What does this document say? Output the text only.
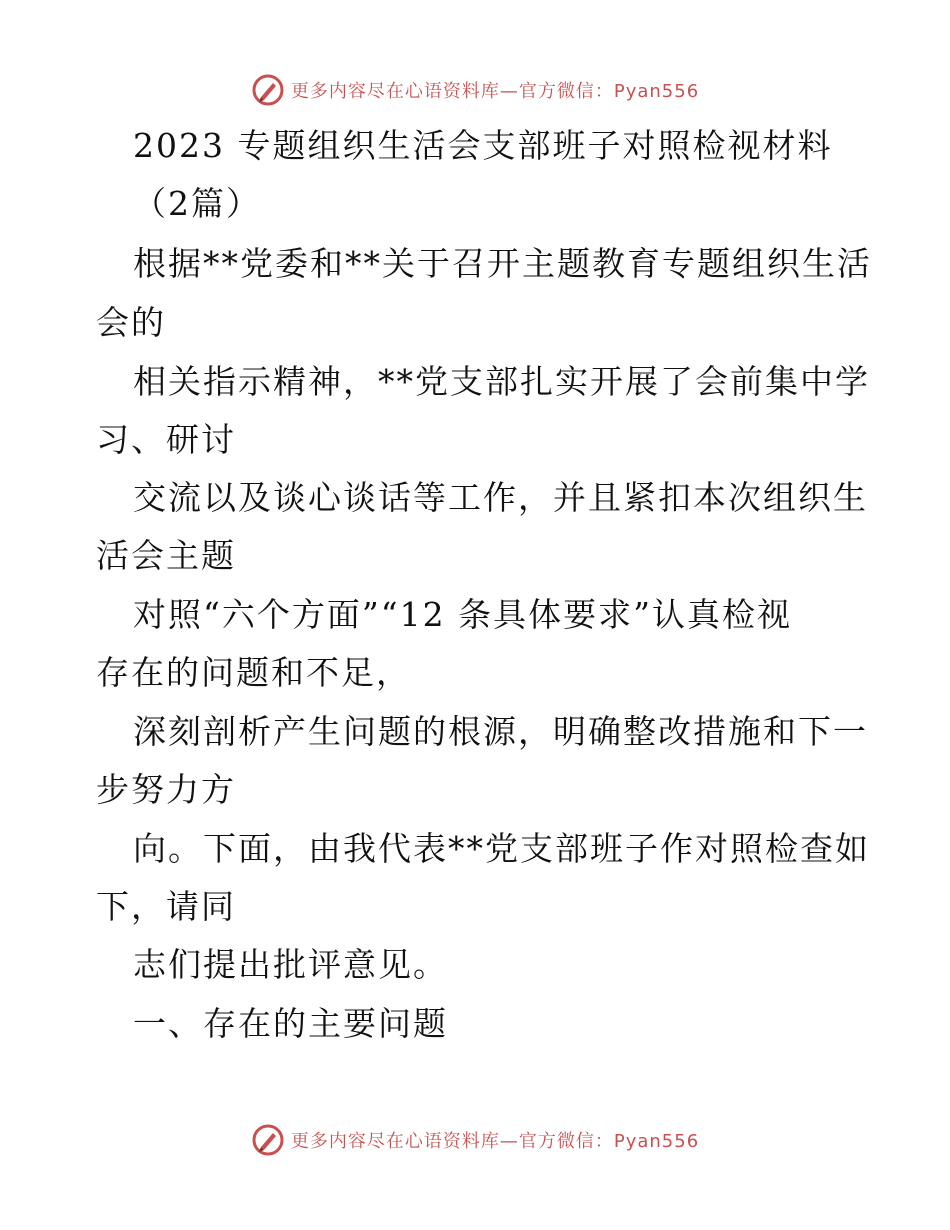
更多内容尽在心语资料库—官方微信：Pyan556
2023 专题组织生活会支部班子对照检视材料
（2篇）
根据**党委和**关于召开主题教育专题组织生活
会的
相关指示精神，**党支部扎实开展了会前集中学
习、研讨
交流以及谈心谈话等工作，并且紧扣本次组织生
活会主题
对照“六个方面”“12 条具体要求”认真检视
存在的问题和不足，
深刻剖析产生问题的根源，明确整改措施和下一
步努力方
向。下面，由我代表**党支部班子作对照检查如
下，请同
志们提出批评意见。
一、存在的主要问题
更多内容尽在心语资料库—官方微信：Pyan556
